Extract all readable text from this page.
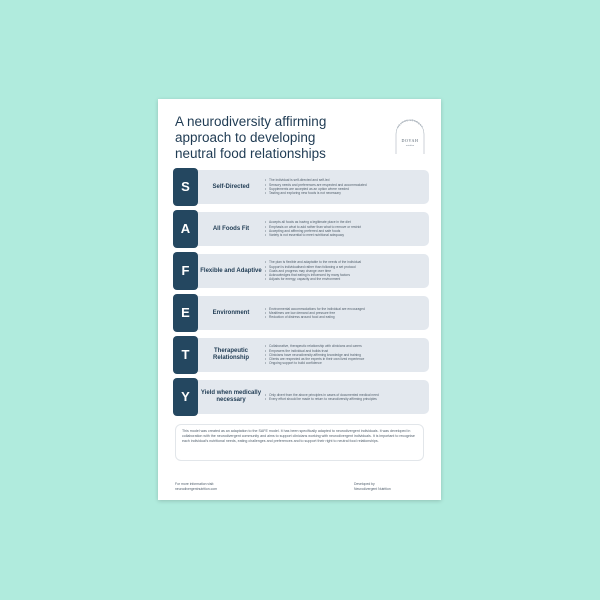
A neurodiversity affirming
approach to developing
neutral food relationships
NEURODIVERGENT
DOVAH
nutrition
S	Self-Directed
• The individual is self-directed and self-led
• Sensory needs and preferences are respected and accommodated
• Supplements are accepted as an option where needed
• Tasting and exploring new foods is not necessary
A	All Foods Fit
• Accepts all foods as having a legitimate place in the diet
• Emphasis on what to add rather than what to remove or restrict
• Accepting and affirming preferred and safe foods
• Variety is not essential to meet nutritional adequacy
F	Flexible and Adaptive
• The plan is flexible and adaptable to the needs of the individual
• Support is individualised rather than following a set protocol
• Goals and progress may change over time
• Acknowledges that eating is influenced by many factors
• Adjusts for energy, capacity and the environment
E	Environment
• Environmental accommodations for the individual are encouraged
• Mealtimes are low demand and pressure free
• Reduction of distress around food and eating
T	Therapeutic Relationship
• Collaborative, therapeutic relationship with clinicians and carers
• Empowers the individual and builds trust
• Clinicians have neurodiversity affirming knowledge and training
• Clients are respected as the experts in their own lived experience
• Ongoing support to build confidence
Y	Yield when medically necessary
• Only divert from the above principles in cases of documented medical need
• Every effort should be made to return to neurodiversity affirming principles
This model was created as an adaptation to the SAFE model. It has been specifically adapted to neurodivergent individuals. It was developed in collaboration with the neurodivergent community and aims to support clinicians working with neurodivergent individuals. It is important to recognise each individual's nutritional needs, eating challenges and preferences and to support their right to neutral food relationships.
For more information visit:
neurodivergentnutrition.com
Developed by
Neurodivergent Nutrition
